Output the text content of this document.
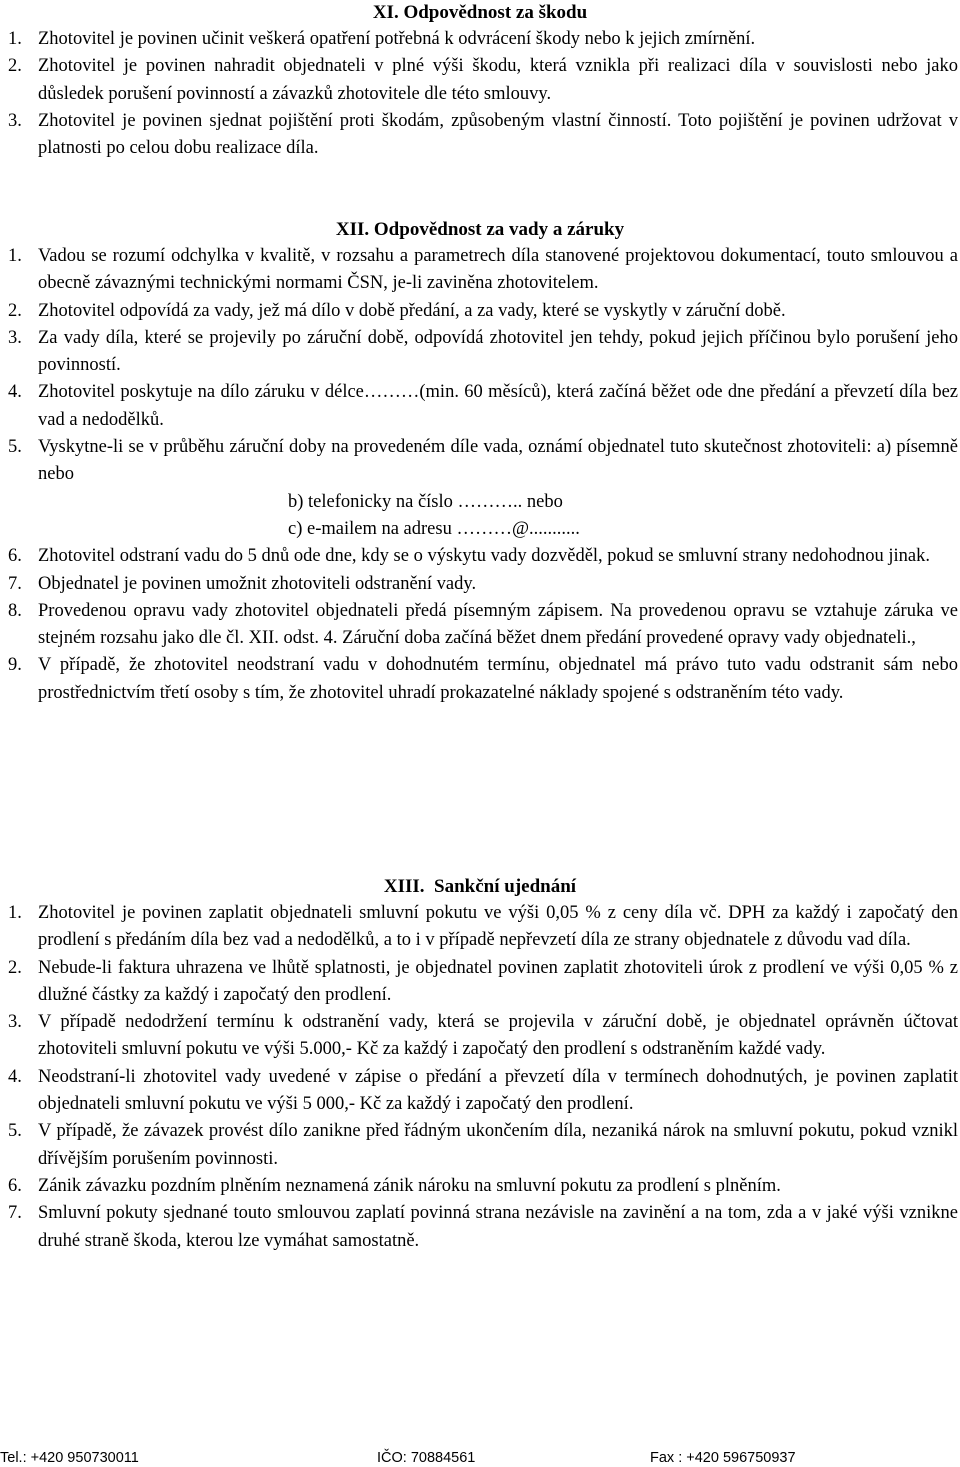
XI. Odpovědnost za škodu
1. Zhotovitel je povinen učinit veškerá opatření potřebná k odvrácení škody nebo k jejich zmírnění.
2. Zhotovitel je povinen nahradit objednateli v plné výši škodu, která vznikla při realizaci díla v souvislosti nebo jako důsledek porušení povinností a závazků zhotovitele dle této smlouvy.
3. Zhotovitel je povinen sjednat pojištění proti škodám, způsobeným vlastní činností. Toto pojištění je povinen udržovat v platnosti po celou dobu realizace díla.
XII. Odpovědnost za vady a záruky
1. Vadou se rozumí odchylka v kvalitě, v rozsahu a parametrech díla stanovené projektovou dokumentací, touto smlouvou a obecně závaznými technickými normami ČSN, je-li zaviněna zhotovitelem.
2. Zhotovitel odpovídá za vady, jež má dílo v době předání, a za vady, které se vyskytly v záruční době.
3. Za vady díla, které se projevily po záruční době, odpovídá zhotovitel jen tehdy, pokud jejich příčinou bylo porušení jeho povinností.
4. Zhotovitel poskytuje na dílo záruku v délce………(min. 60 měsíců), která začíná běžet ode dne předání a převzetí díla bez vad a nedodělků.
5. Vyskytne-li se v průběhu záruční doby na provedeném díle vada, oznámí objednatel tuto skutečnost zhotoviteli: a) písemně nebo
b) telefonicky na číslo ……….. nebo
c) e-mailem na adresu ………@...........
6. Zhotovitel odstraní vadu do 5 dnů ode dne, kdy se o výskytu vady dozvěděl, pokud se smluvní strany nedohodnou jinak.
7. Objednatel je povinen umožnit zhotoviteli odstranění vady.
8. Provedenou opravu vady zhotovitel objednateli předá písemným zápisem. Na provedenou opravu se vztahuje záruka ve stejném rozsahu jako dle čl. XII. odst. 4. Záruční doba začíná běžet dnem předání provedené opravy vady objednateli.,
9. V případě, že zhotovitel neodstraní vadu v dohodnutém termínu, objednatel má právo tuto vadu odstranit sám nebo prostřednictvím třetí osoby s tím, že zhotovitel uhradí prokazatelné náklady spojené s odstraněním této vady.
XIII.  Sankční ujednání
1. Zhotovitel je povinen zaplatit objednateli smluvní pokutu ve výši 0,05 % z ceny díla vč. DPH za každý i započatý den prodlení s předáním díla bez vad a nedodělků, a to i v případě nepřevzetí díla ze strany objednatele z důvodu vad díla.
2. Nebude-li faktura uhrazena ve lhůtě splatnosti, je objednatel povinen zaplatit zhotoviteli úrok z prodlení ve výši 0,05 % z dlužné částky za každý i započatý den prodlení.
3. V případě nedodržení termínu k odstranění vady, která se projevila v záruční době, je objednatel oprávněn účtovat zhotoviteli smluvní pokutu ve výši 5.000,- Kč za každý i započatý den prodlení s odstraněním každé vady.
4. Neodstraní-li zhotovitel vady uvedené v zápise o předání a převzetí díla v termínech dohodnutých, je povinen zaplatit objednateli smluvní pokutu ve výši 5 000,- Kč za každý i započatý den prodlení.
5. V případě, že závazek provést dílo zanikne před řádným ukončením díla, nezaniká nárok na smluvní pokutu, pokud vznikl dřívějším porušením povinnosti.
6. Zánik závazku pozdním plněním neznamená zánik nároku na smluvní pokutu za prodlení s plněním.
7. Smluvní pokuty sjednané touto smlouvou zaplatí povinná strana nezávisle na zavinění a na tom, zda a v jaké výši vznikne druhé straně škoda, kterou lze vymáhat samostatně.
Tel.: +420 950730011	IČO: 70884561	Fax : +420 596750937
